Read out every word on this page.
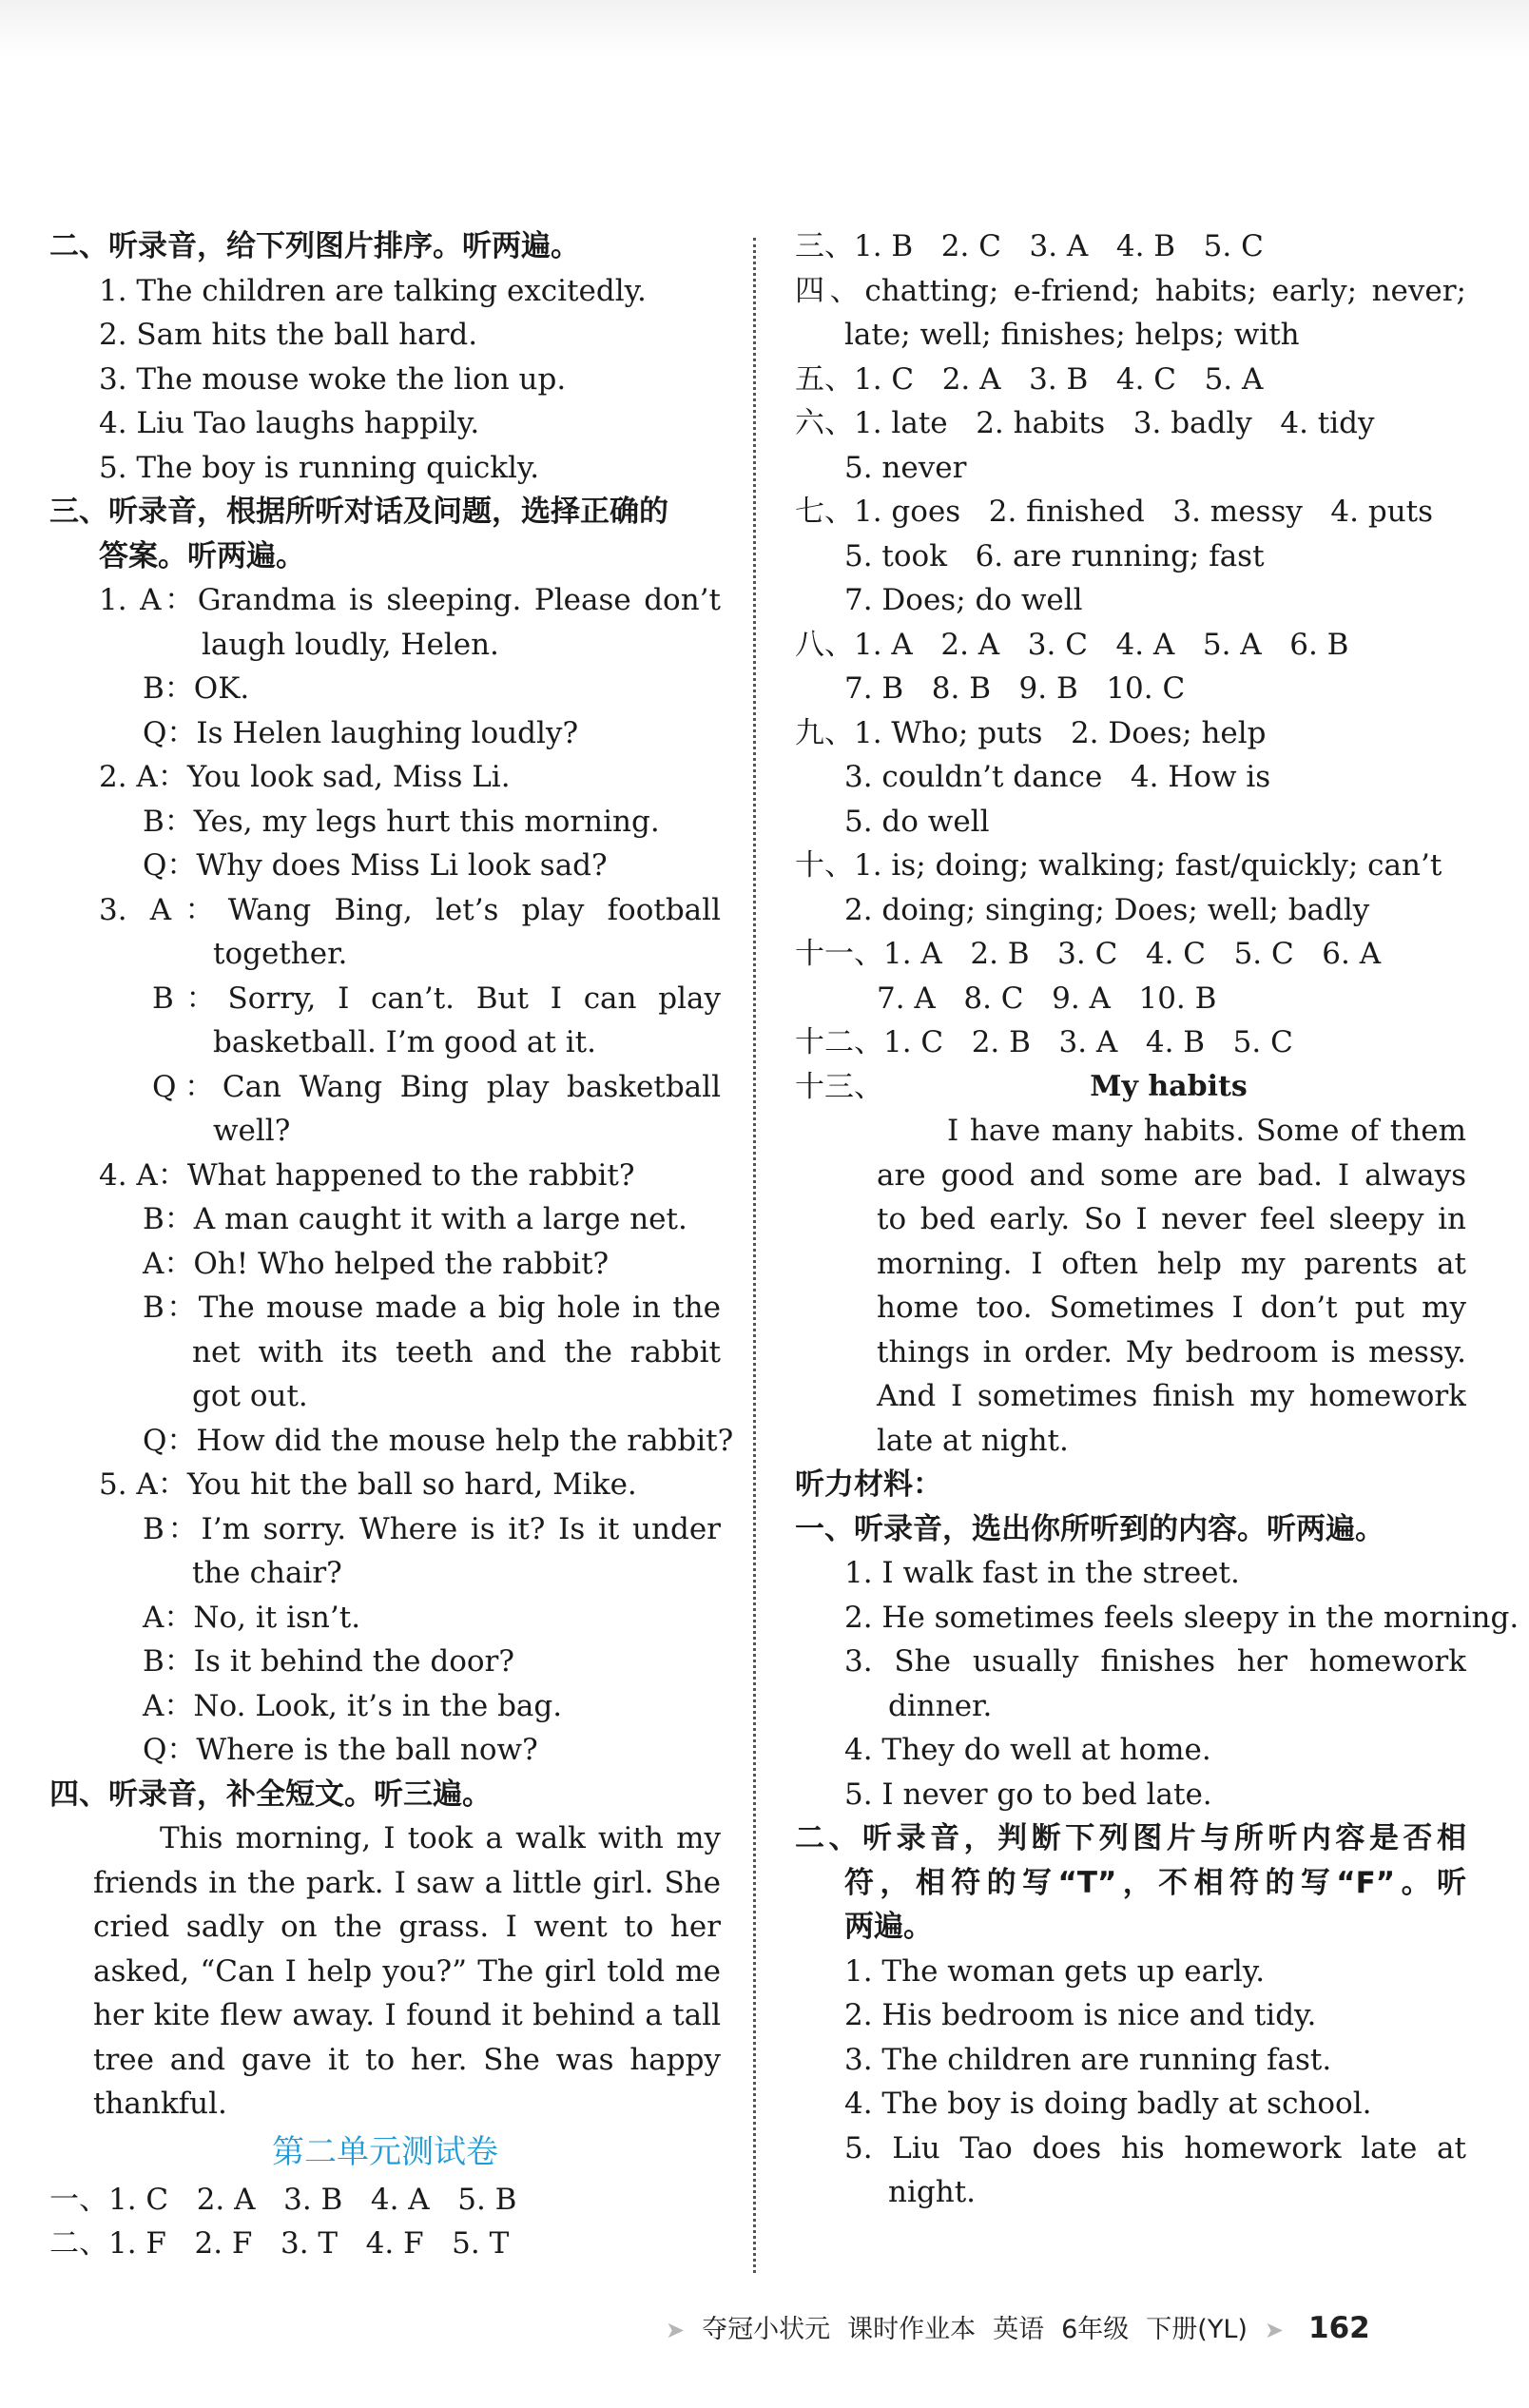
二、听录音，给下列图片排序。听两遍。
1. The children are talking excitedly.
2. Sam hits the ball hard.
3. The mouse woke the lion up.
4. Liu Tao laughs happily.
5. The boy is running quickly.
三、听录音，根据所听对话及问题，选择正确的
答案。听两遍。
1. A：Grandma is sleeping. Please don’t
laugh loudly, Helen.
B：OK.
Q：Is Helen laughing loudly?
2. A：You look sad, Miss Li.
B：Yes, my legs hurt this morning.
Q：Why does Miss Li look sad?
3. A：Wang Bing, let’s play football
together.
B：Sorry, I can’t. But I can play
basketball. I’m good at it.
Q：Can Wang Bing play basketball
well?
4. A：What happened to the rabbit?
B：A man caught it with a large net.
A：Oh! Who helped the rabbit?
B：The mouse made a big hole in the
net with its teeth and the rabbit
got out.
Q：How did the mouse help the rabbit?
5. A：You hit the ball so hard, Mike.
B：I’m sorry. Where is it? Is it under
the chair?
A：No, it isn’t.
B：Is it behind the door?
A：No. Look, it’s in the bag.
Q：Where is the ball now?
四、听录音，补全短文。听三遍。
This morning, I took a walk with my
friends in the park. I saw a little girl. She
cried sadly on the grass. I went to her
asked, “Can I help you?” The girl told me
her kite flew away. I found it behind a tall
tree and gave it to her. She was happy
thankful.
第二单元测试卷
一、1. C   2. A   3. B   4. A   5. B
二、1. F   2. F   3. T   4. F   5. T
三、1. B   2. C   3. A   4. B   5. C
四、chatting; e-friend; habits; early; never;
late; well; finishes; helps; with
五、1. C   2. A   3. B   4. C   5. A
六、1. late   2. habits   3. badly   4. tidy
5. never
七、1. goes   2. finished   3. messy   4. puts
5. took   6. are running; fast
7. Does; do well
八、1. A   2. A   3. C   4. A   5. A   6. B
7. B   8. B   9. B   10. C
九、1. Who; puts   2. Does; help
3. couldn’t dance   4. How is
5. do well
十、1. is; doing; walking; fast/quickly; can’t
2. doing; singing; Does; well; badly
十一、1. A   2. B   3. C   4. C   5. C   6. A
7. A   8. C   9. A   10. B
十二、1. C   2. B   3. A   4. B   5. C
十三、	My habits
I have many habits. Some of them
are good and some are bad. I always
to bed early. So I never feel sleepy in
morning. I often help my parents at
home too. Sometimes I don’t put my
things in order. My bedroom is messy.
And I sometimes finish my homework
late at night.
听力材料：
一、听录音，选出你所听到的内容。听两遍。
1. I walk fast in the street.
2. He sometimes feels sleepy in the morning.
3. She usually finishes her homework
dinner.
4. They do well at home.
5. I never go to bed late.
二、听录音，判断下列图片与所听内容是否相
符，相符的写“T”，不相符的写“F”。听
两遍。
1. The woman gets up early.
2. His bedroom is nice and tidy.
3. The children are running fast.
4. The boy is doing badly at school.
5. Liu Tao does his homework late at
night.
➤ 夺冠小状元 课时作业本 英语 6年级 下册(YL) ➤ 162
